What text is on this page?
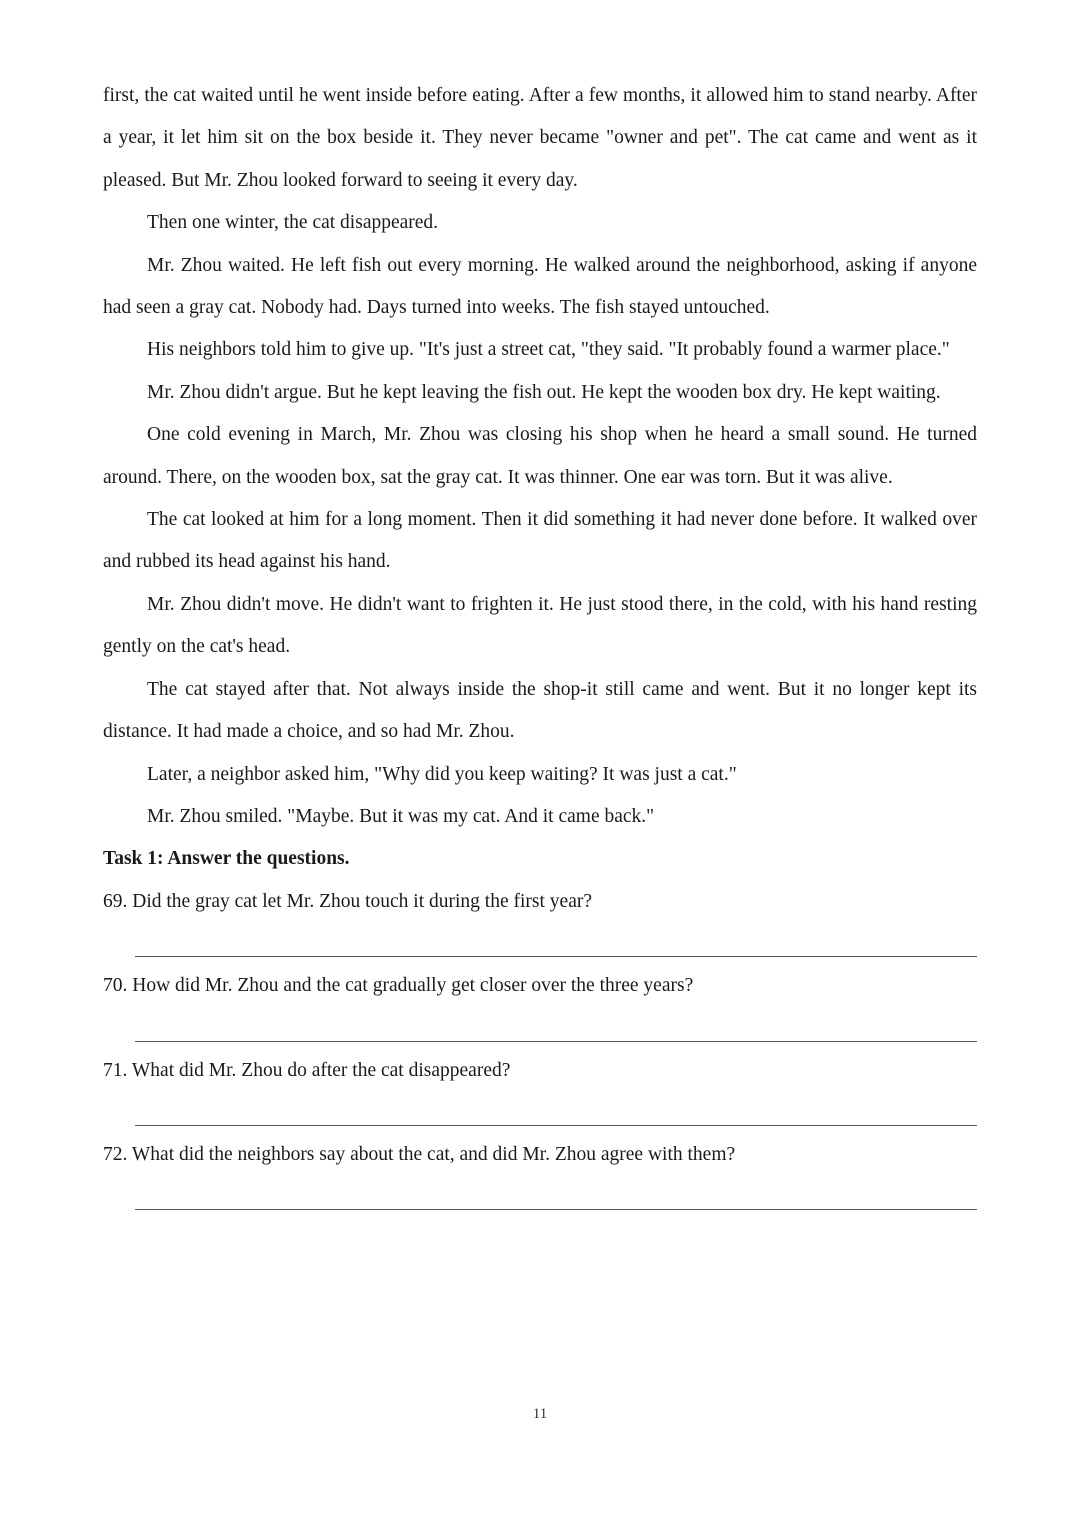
first, the cat waited until he went inside before eating. After a few months, it allowed him to stand nearby. After a year, it let him sit on the box beside it. They never became "owner and pet". The cat came and went as it pleased. But Mr. Zhou looked forward to seeing it every day.

Then one winter, the cat disappeared.

Mr. Zhou waited. He left fish out every morning. He walked around the neighborhood, asking if anyone had seen a gray cat. Nobody had. Days turned into weeks. The fish stayed untouched.

His neighbors told him to give up. "It's just a street cat, "they said. "It probably found a warmer place."

Mr. Zhou didn't argue. But he kept leaving the fish out. He kept the wooden box dry. He kept waiting.

One cold evening in March, Mr. Zhou was closing his shop when he heard a small sound. He turned around. There, on the wooden box, sat the gray cat. It was thinner. One ear was torn. But it was alive.

The cat looked at him for a long moment. Then it did something it had never done before. It walked over and rubbed its head against his hand.

Mr. Zhou didn't move. He didn't want to frighten it. He just stood there, in the cold, with his hand resting gently on the cat's head.

The cat stayed after that. Not always inside the shop-it still came and went. But it no longer kept its distance. It had made a choice, and so had Mr. Zhou.

Later, a neighbor asked him, "Why did you keep waiting? It was just a cat."

Mr. Zhou smiled. "Maybe. But it was my cat. And it came back."

Task 1: Answer the questions.

69. Did the gray cat let Mr. Zhou touch it during the first year?

70. How did Mr. Zhou and the cat gradually get closer over the three years?

71. What did Mr. Zhou do after the cat disappeared?

72. What did the neighbors say about the cat, and did Mr. Zhou agree with them?

11
